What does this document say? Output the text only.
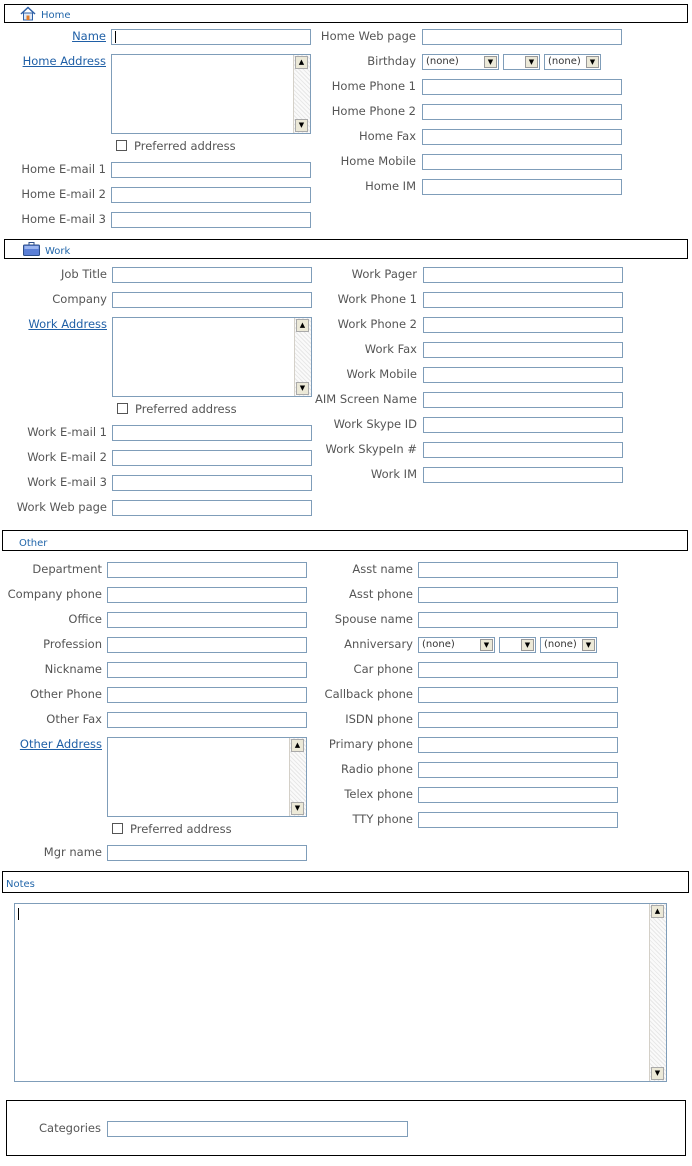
Home
Name
Home Address	▲
▼
Preferred address
Home E-mail 1
Home E-mail 2
Home E-mail 3
Home Web page
Birthday	(none)	▼	▼	(none)	▼
Home Phone 1
Home Phone 2
Home Fax
Home Mobile
Home IM
Work
Job Title
Company
Work Address	▲
▼
Preferred address
Work E-mail 1
Work E-mail 2
Work E-mail 3
Work Web page
Work Pager
Work Phone 1
Work Phone 2
Work Fax
Work Mobile
AIM Screen Name
Work Skype ID
Work SkypeIn #
Work IM
Other
Department
Company phone
Office
Profession
Nickname
Other Phone
Other Fax
Other Address	▲
▼
Preferred address
Mgr name
Asst name
Asst phone
Spouse name
Anniversary (none)	▼	▼	(none)	▼
Car phone
Callback phone
ISDN phone
Primary phone
Radio phone
Telex phone
TTY phone
Notes
▲
▼
Categories
